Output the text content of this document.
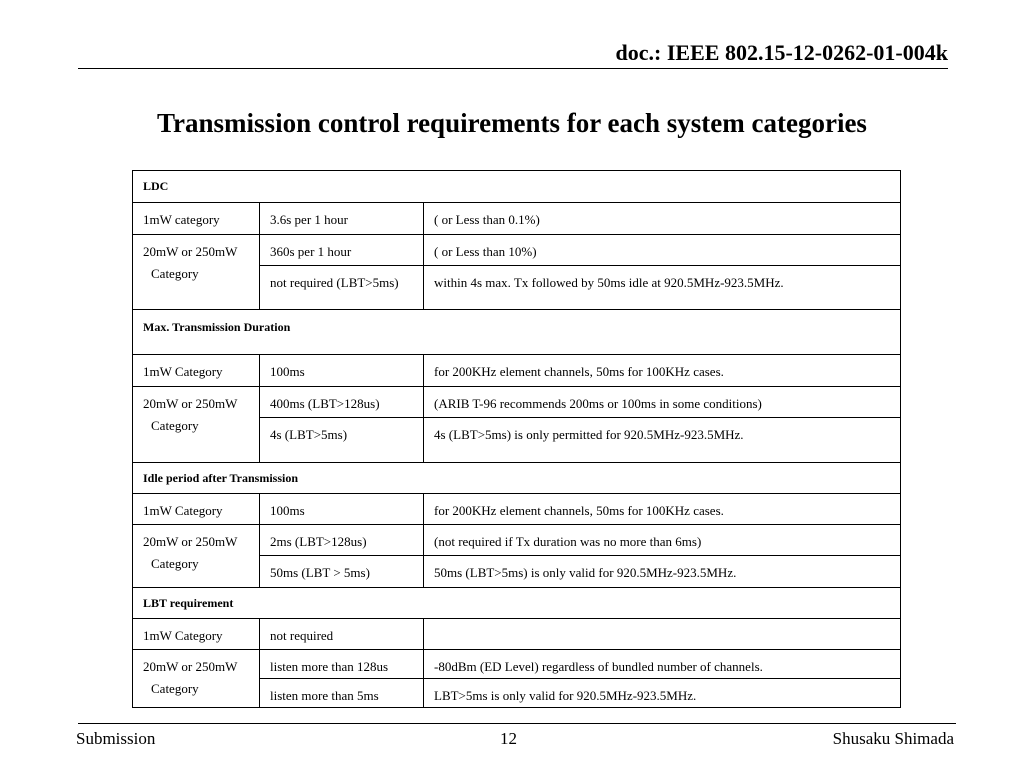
doc.: IEEE 802.15-12-0262-01-004k
Transmission control requirements for each system categories
LDC		
1mW category	3.6s per 1 hour	( or Less than 0.1%)

20mW or 250mW
Category	360s per 1 hour	( or Less than 10%)
	not required (LBT>5ms)	within 4s max. Tx followed by 50ms idle at 920.5MHz-923.5MHz.
Max. Transmission Duration		
1mW Category	100ms	for 200KHz element channels, 50ms for 100KHz cases.

20mW or 250mW
Category	400ms (LBT>128us)	(ARIB T-96 recommends 200ms or 100ms in some conditions)
	4s (LBT>5ms)	4s (LBT>5ms) is only permitted for 920.5MHz-923.5MHz.
Idle period after Transmission		
1mW Category	100ms	for 200KHz element channels, 50ms for 100KHz cases.

20mW or 250mW
Category	2ms (LBT>128us)	(not required if Tx duration was no more than 6ms)
	50ms (LBT > 5ms)	50ms (LBT>5ms) is only valid for 920.5MHz-923.5MHz.
LBT requirement		
1mW Category	not required	

20mW or 250mW
Category	listen more than 128us	-80dBm (ED Level) regardless of bundled number of channels.
	listen more than 5ms	LBT>5ms is only valid for 920.5MHz-923.5MHz.
Submission	12	Shusaku Shimada
